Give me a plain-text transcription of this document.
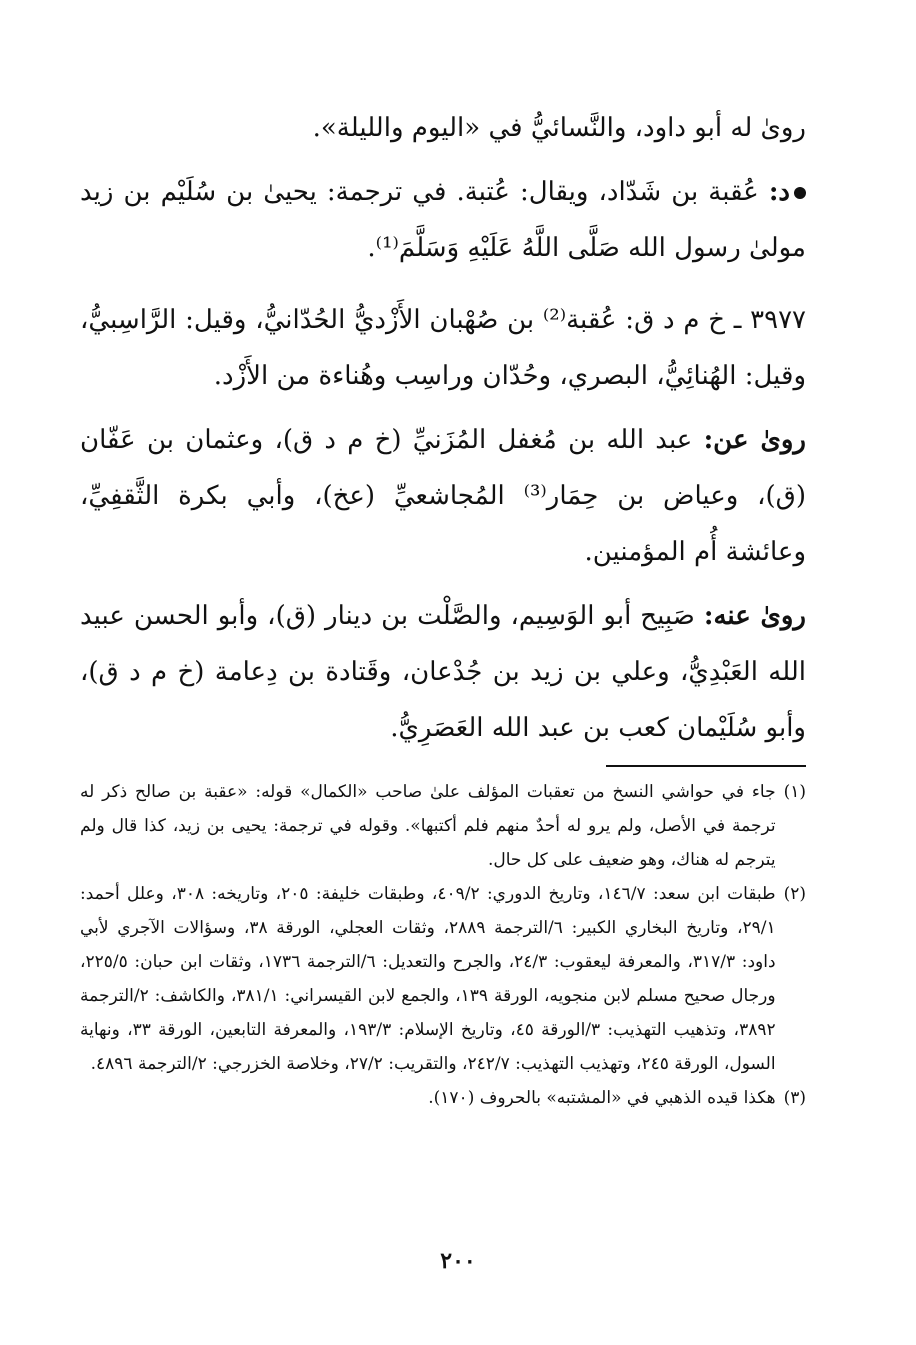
روىٰ له أبو داود، والنَّسائيُّ في «اليوم والليلة».

د: عُقبة بن شَدّاد، ويقال: عُتبة. في ترجمة: يحيىٰ بن سُلَيْم بن زيد مولىٰ رسول الله صَلَّى اللَّهُ عَلَيْهِ وَسَلَّمَ⁽¹⁾.

٣٩٧٧ ـ خ م د ق: عُقبة⁽²⁾ بن صُهْبان الأَزْديُّ الحُدّانيُّ، وقيل: الرَّاسِبيُّ، وقيل: الهُنائِيُّ، البصري، وحُدّان وراسِب وهُناءة من الأَزْد.

روىٰ عن: عبد الله بن مُغفل المُزَنيِّ (خ م د ق)، وعثمان بن عَفّان (ق)، وعياض بن حِمَار⁽³⁾ المُجاشعيِّ (عخ)، وأبي بكرة الثَّقفِيِّ، وعائشة أُم المؤمنين.

روىٰ عنه: صَبِيح أبو الوَسِيم، والصَّلْت بن دينار (ق)، وأبو الحسن عبيد الله العَبْدِيُّ، وعلي بن زيد بن جُدْعان، وقَتادة بن دِعامة (خ م د ق)، وأبو سُلَيْمان كعب بن عبد الله العَصَرِيُّ.

(١)
جاء في حواشي النسخ من تعقبات المؤلف علىٰ صاحب «الكمال» قوله: «عقبة بن صالح ذكر له ترجمة في الأصل، ولم يرو له أحدٌ منهم فلم أكتبها». وقوله في ترجمة: يحيى بن زيد، كذا قال ولم يترجم له هناك، وهو ضعيف على كل حال.
(٢)
طبقات ابن سعد: ١٤٦/٧، وتاريخ الدوري: ٤٠٩/٢، وطبقات خليفة: ٢٠٥، وتاريخه: ٣٠٨، وعلل أحمد: ٢٩/١، وتاريخ البخاري الكبير: ٦/الترجمة ٢٨٨٩، وثقات العجلي، الورقة ٣٨، وسؤالات الآجري لأبي داود: ٣١٧/٣، والمعرفة ليعقوب: ٢٤/٣، والجرح والتعديل: ٦/الترجمة ١٧٣٦، وثقات ابن حبان: ٢٢٥/٥، ورجال صحيح مسلم لابن منجويه، الورقة ١٣٩، والجمع لابن القيسراني: ٣٨١/١، والكاشف: ٢/الترجمة ٣٨٩٢، وتذهيب التهذيب: ٣/الورقة ٤٥، وتاريخ الإسلام: ١٩٣/٣، والمعرفة التابعين، الورقة ٣٣، ونهاية السول، الورقة ٢٤٥، وتهذيب التهذيب: ٢٤٢/٧، والتقريب: ٢٧/٢، وخلاصة الخزرجي: ٢/الترجمة ٤٨٩٦.
(٣)
هكذا قيده الذهبي في «المشتبه» بالحروف (١٧٠).
٢٠٠
